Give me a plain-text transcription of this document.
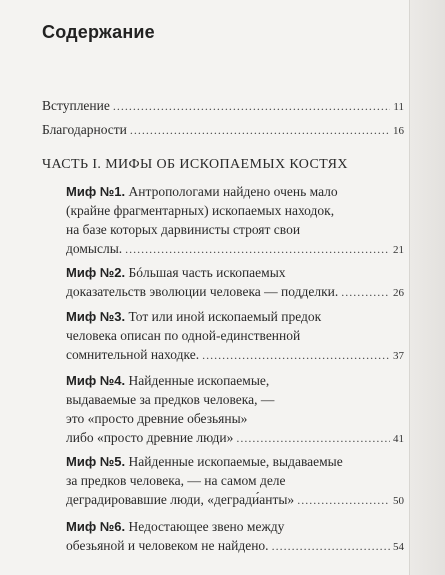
Содержание
Вступление .....	11
Благодарности .....	16
ЧАСТЬ I. МИФЫ ОБ ИСКОПАЕМЫХ КОСТЯХ
Миф №1. Антропологами найдено очень мало
(крайне фрагментарных) ископаемых находок,
на базе которых дарвинисты строят свои
домыслы. .....	21
Миф №2. Бóльшая часть ископаемых
доказательств эволюции человека — подделки. .....	26
Миф №3. Тот или иной ископаемый предок
человека описан по одной-единственной
сомнительной находке. .....	37
Миф №4. Найденные ископаемые,
выдаваемые за предков человека, —
это «просто древние обезьяны»
либо «просто древние люди» .....	41
Миф №5. Найденные ископаемые, выдаваемые
за предков человека, — на самом деле
деградировавшие люди, «дегради́анты» .....	50
Миф №6. Недостающее звено между
обезьяной и человеком не найдено. .....	54
